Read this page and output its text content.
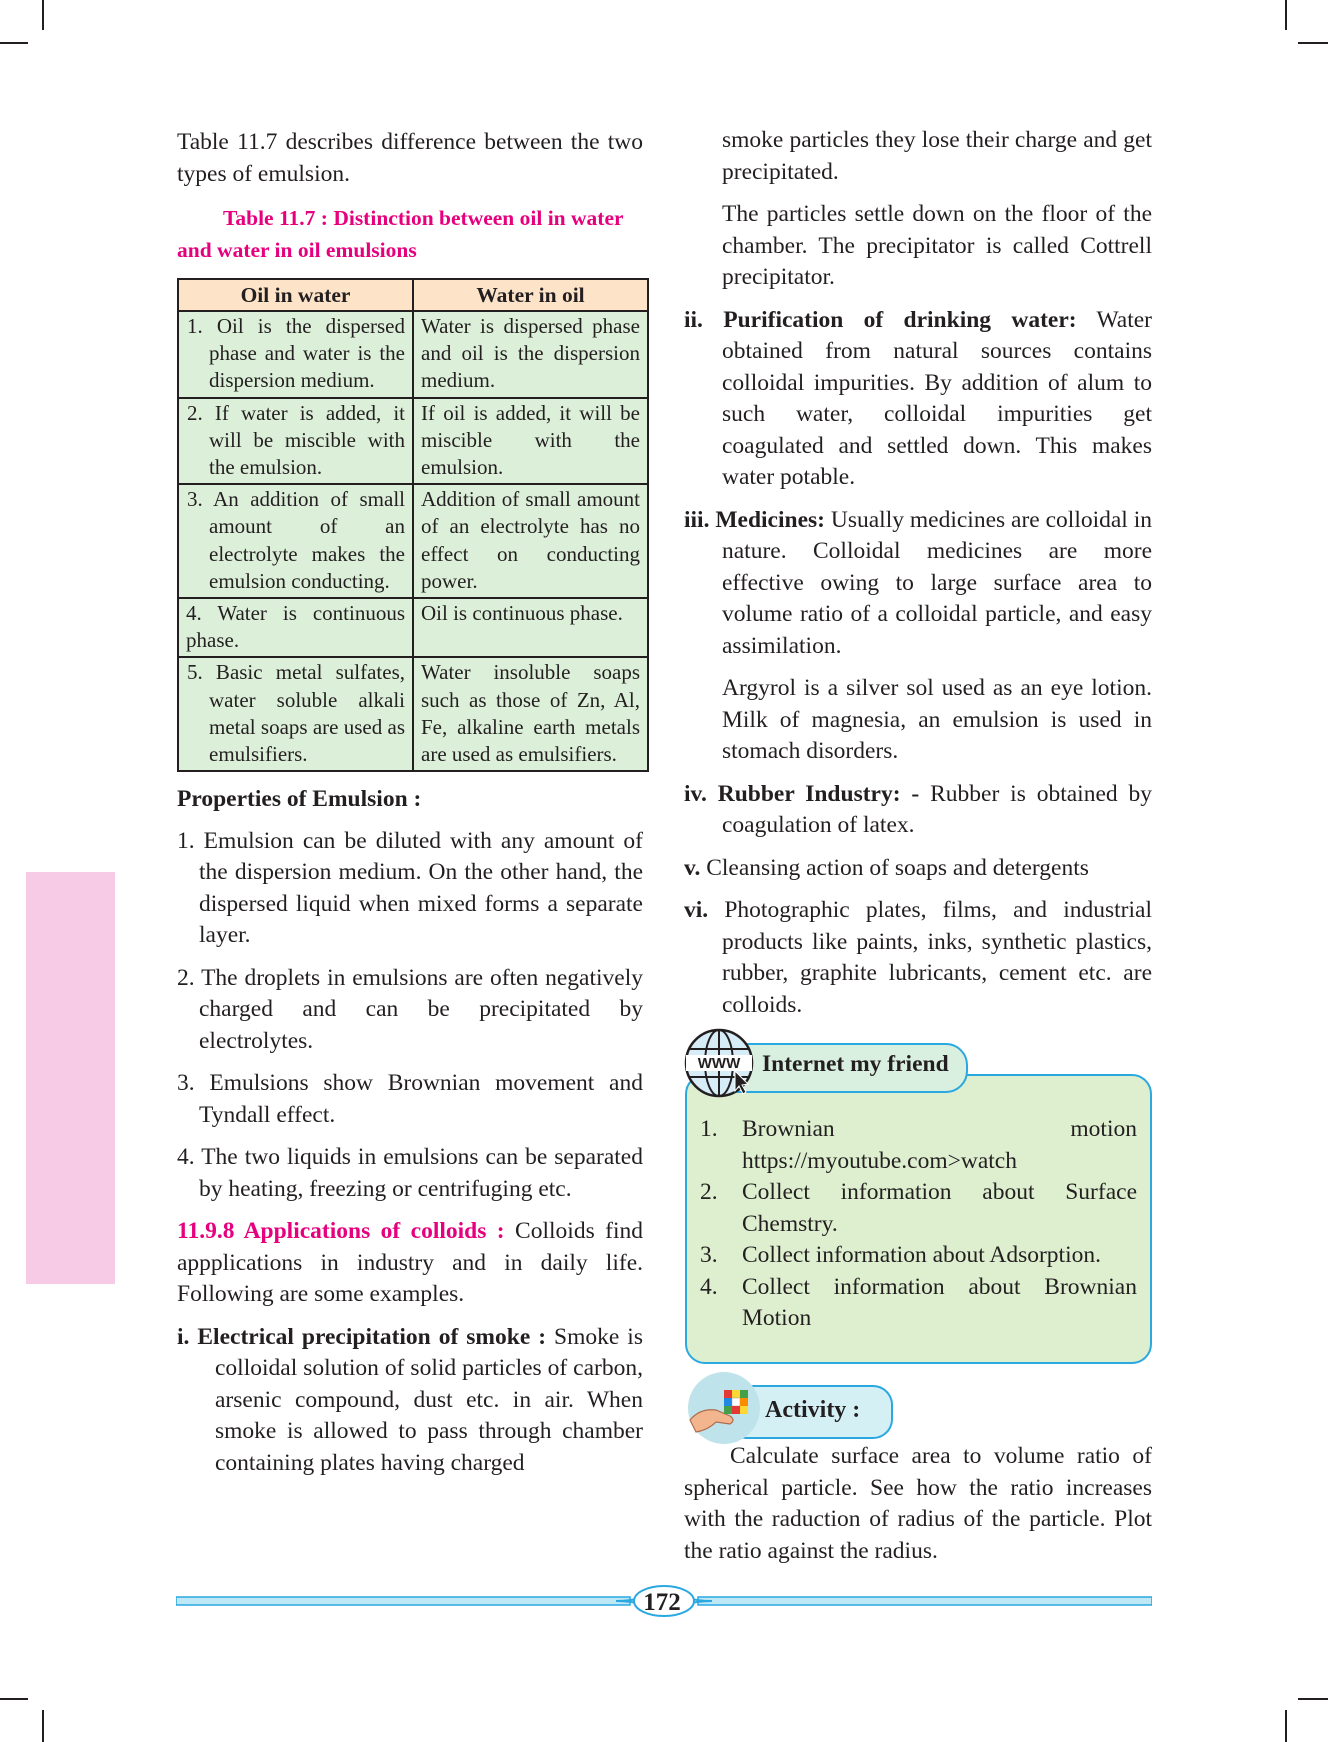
Table 11.7 describes difference between the two types of emulsion.

Table 11.7 : Distinction between oil in water
and water in oil emulsions
Oil in water	Water in oil
1. Oil is the dispersed phase and water is the dispersion medium.	Water is dispersed phase and oil is the dispersion medium.
2. If water is added, it will be miscible with the emulsion.	If oil is added, it will be miscible with the emulsion.
3. An addition of small amount of an electrolyte makes the emulsion conducting.	Addition of small amount of an electrolyte has no effect on conducting power.
4. Water is continuous phase.	Oil is continuous phase.
5. Basic metal sulfates, water soluble alkali metal soaps are used as emulsifiers.	Water insoluble soaps such as those of Zn, Al, Fe, alkaline earth metals are used as emulsifiers.

Properties of Emulsion :

1. Emulsion can be diluted with any amount of the dispersion medium. On the other hand, the dispersed liquid when mixed forms a separate layer.

2. The droplets in emulsions are often negatively charged and can be precipitated by electrolytes.

3. Emulsions show Brownian movement and Tyndall effect.

4. The two liquids in emulsions can be separated by heating, freezing or centrifuging etc.

11.9.8 Applications of colloids : Colloids find appplications in industry and in daily life. Following are some examples.

i. Electrical precipitation of smoke : Smoke is colloidal solution of solid particles of carbon, arsenic compound, dust etc. in air. When smoke is allowed to pass through chamber containing plates having charged

smoke particles they lose their charge and get precipitated.

The particles settle down on the floor of the chamber. The precipitator is called Cottrell precipitator.

ii. Purification of drinking water: Water obtained from natural sources contains colloidal impurities. By addition of alum to such water, colloidal impurities get coagulated and settled down. This makes water potable.

iii. Medicines: Usually medicines are colloidal in nature. Colloidal medicines are more effective owing to large surface area to volume ratio of a colloidal particle, and easy assimilation.

Argyrol is a silver sol used as an eye lotion. Milk of magnesia, an emulsion is used in stomach disorders.

iv. Rubber Industry: - Rubber is obtained by coagulation of latex.

v. Cleansing action of soaps and detergents

vi. Photographic plates, films, and industrial products like paints, inks, synthetic plastics, rubber, graphite lubricants, cement etc. are colloids.

WWW Internet my friend
1.	Brownian motion https://myoutube.com>watch
2.	Collect information about Surface Chemstry.
3.	Collect information about Adsorption.
4.	Collect information about Brownian Motion
Activity :

Calculate surface area to volume ratio of spherical particle. See how the ratio increases with the raduction of radius of the particle. Plot the ratio against the radius.

172
